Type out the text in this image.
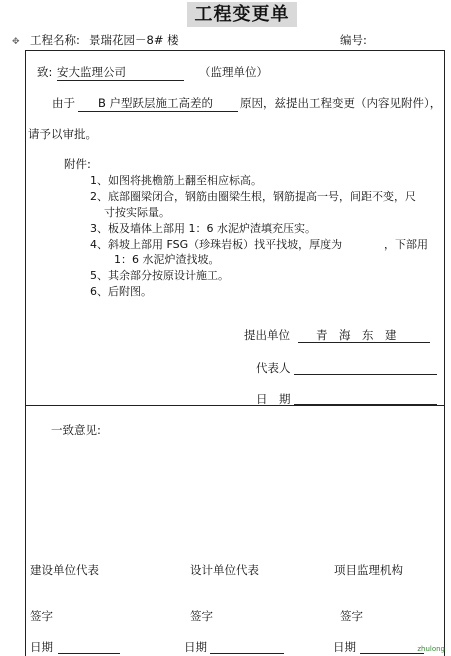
工程变更单
✥ 工程名称: 景瑞花园－8# 楼	编号:
致: 安大监理公司	（监理单位）
由于	B 户型跃层施工高差的	原因，兹提出工程变更（内容见附件），
请予以审批。
附件:
1、如图将挑檐筋上翻至相应标高。
2、底部圈梁闭合，钢筋由圈梁生根，钢筋提高一号，间距不变，尺
寸按实际量。
3、板及墙体上部用 1：6 水泥炉渣填充压实。
4、斜坡上部用 FSG（珍珠岩板）找平找坡，厚度为	，下部用
1：6 水泥炉渣找坡。
5、其余部分按原设计施工。
6、后附图。
提出单位 青　海　东　建
代表人
日　期
一致意见:
建设单位代表	设计单位代表	项目监理机构
签字	签字	签字
日期	日期	日期	zhulong
